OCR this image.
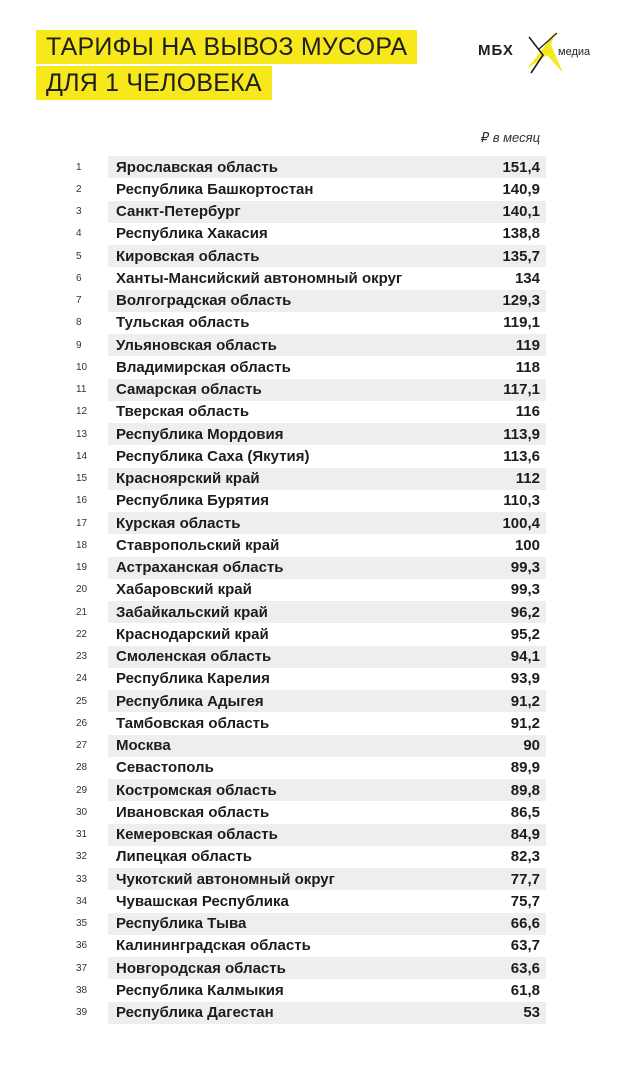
ТАРИФЫ НА ВЫВОЗ МУСОРА
ДЛЯ 1 ЧЕЛОВЕКА
МБХ	медиа
₽ в месяц
1	Ярославская область	151,4
2	Республика Башкортостан	140,9
3	Санкт-Петербург	140,1
4	Республика Хакасия	138,8
5	Кировская область	135,7
6	Ханты-Мансийский автономный округ	134
7	Волгоградская область	129,3
8	Тульская область	119,1
9	Ульяновская область	119
10	Владимирская область	118
11	Самарская область	117,1
12	Тверская область	116
13	Республика Мордовия	113,9
14	Республика Саха (Якутия)	113,6
15	Красноярский край	112
16	Республика Бурятия	110,3
17	Курская область	100,4
18	Ставропольский край	100
19	Астраханская область	99,3
20	Хабаровский край	99,3
21	Забайкальский край	96,2
22	Краснодарский край	95,2
23	Смоленская область	94,1
24	Республика Карелия	93,9
25	Республика Адыгея	91,2
26	Тамбовская область	91,2
27	Москва	90
28	Севастополь	89,9
29	Костромская область	89,8
30	Ивановская область	86,5
31	Кемеровская область	84,9
32	Липецкая область	82,3
33	Чукотский автономный округ	77,7
34	Чувашская Республика	75,7
35	Республика Тыва	66,6
36	Калининградская область	63,7
37	Новгородская область	63,6
38	Республика Калмыкия	61,8
39	Республика Дагестан	53
